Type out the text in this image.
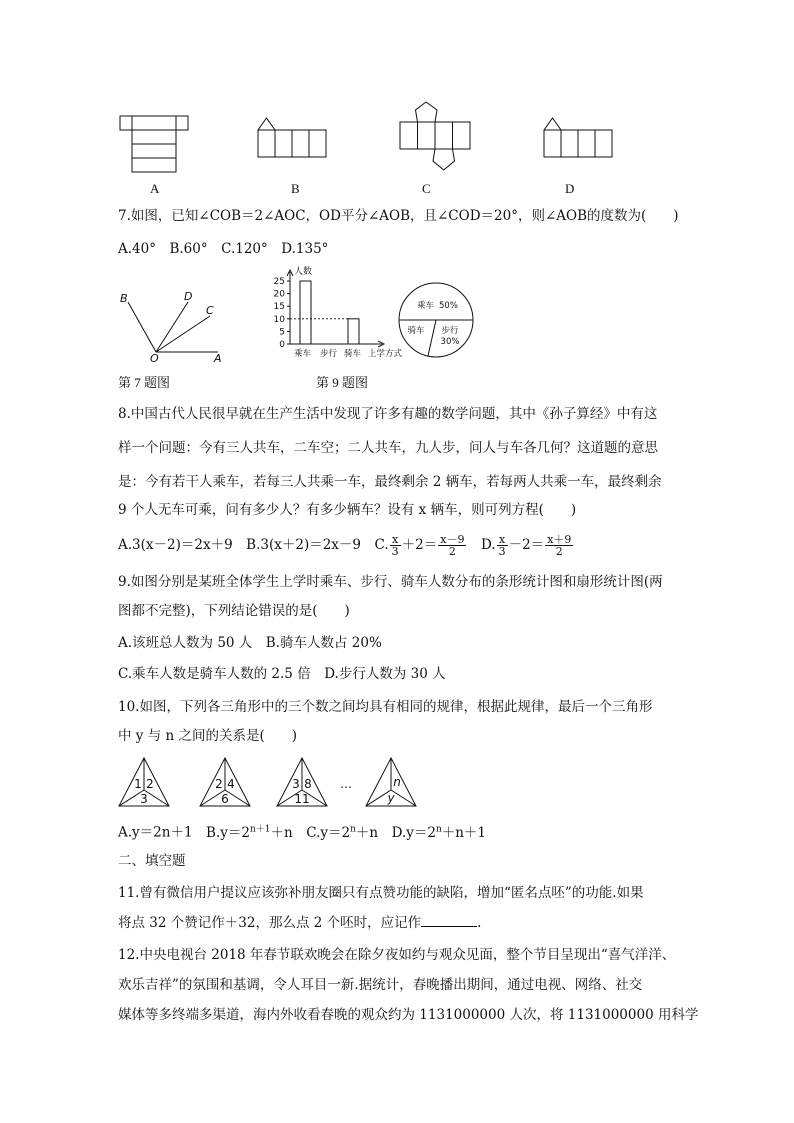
A	B	C	D
7.如图，已知∠COB＝2∠AOC，OD平分∠AOB，且∠COD＝20°，则∠AOB的度数为(　　)
A.40°　B.60°　C.120°　D.135°
B	D
C
O	A
第 7 题图
人数
0
5
10
15
20
25
乘车 步行 骑车 上学方式
乘车 50%
骑车 步行
30%
第 9 题图
8.中国古代人民很早就在生产生活中发现了许多有趣的数学问题，其中《孙子算经》中有这
样一个问题：今有三人共车，二车空；二人共车，九人步，问人与车各几何？这道题的意思
是：今有若干人乘车，若每三人共乘一车，最终剩余 2 辆车，若每两人共乘一车，最终剩余
9 个人无车可乘，问有多少人？有多少辆车？设有 x 辆车，则可列方程(　　)
A.3(x－2)＝2x＋9　 B.3(x＋2)＝2x－9　 C. $\frac{x}{3} +2= \frac{x-9}{2}$
　 D. $\frac{x}{3} -2= \frac{x+9}{2}$
9.如图分别是某班全体学生上学时乘车、步行、骑车人数分布的条形统计图和扇形统计图(两
图都不完整)，下列结论错误的是(　　)
A.该班总人数为 50 人　B.骑车人数占 20%
C.乘车人数是骑车人数的 2.5 倍　D.步行人数为 30 人
10.如图，下列各三角形中的三个数之间均具有相同的规律，根据此规律，最后一个三角形
中 y 与 n 之间的关系是(　　)
1 2
3
2 4
6
3 8
11
n
y
…
A.y＝2n＋1　 $B.y=2^{n+1}+n$　 $C.y=2^n+n$　 $D.y=2^n+n+1$
二、填空题
11.曾有微信用户提议应该弥补朋友圈只有点赞功能的缺陷，增加“匿名点呸”的功能.如果
将点 32 个赞记作＋32，那么点 2 个呸时，应记作	.
12.中央电视台 2018 年春节联欢晚会在除夕夜如约与观众见面，整个节目呈现出“喜气洋洋、
欢乐吉祥”的氛围和基调，令人耳目一新.据统计，春晚播出期间，通过电视、网络、社交
媒体等多终端多渠道，海内外收看春晚的观众约为 1131000000 人次，将 1131000000 用科学
